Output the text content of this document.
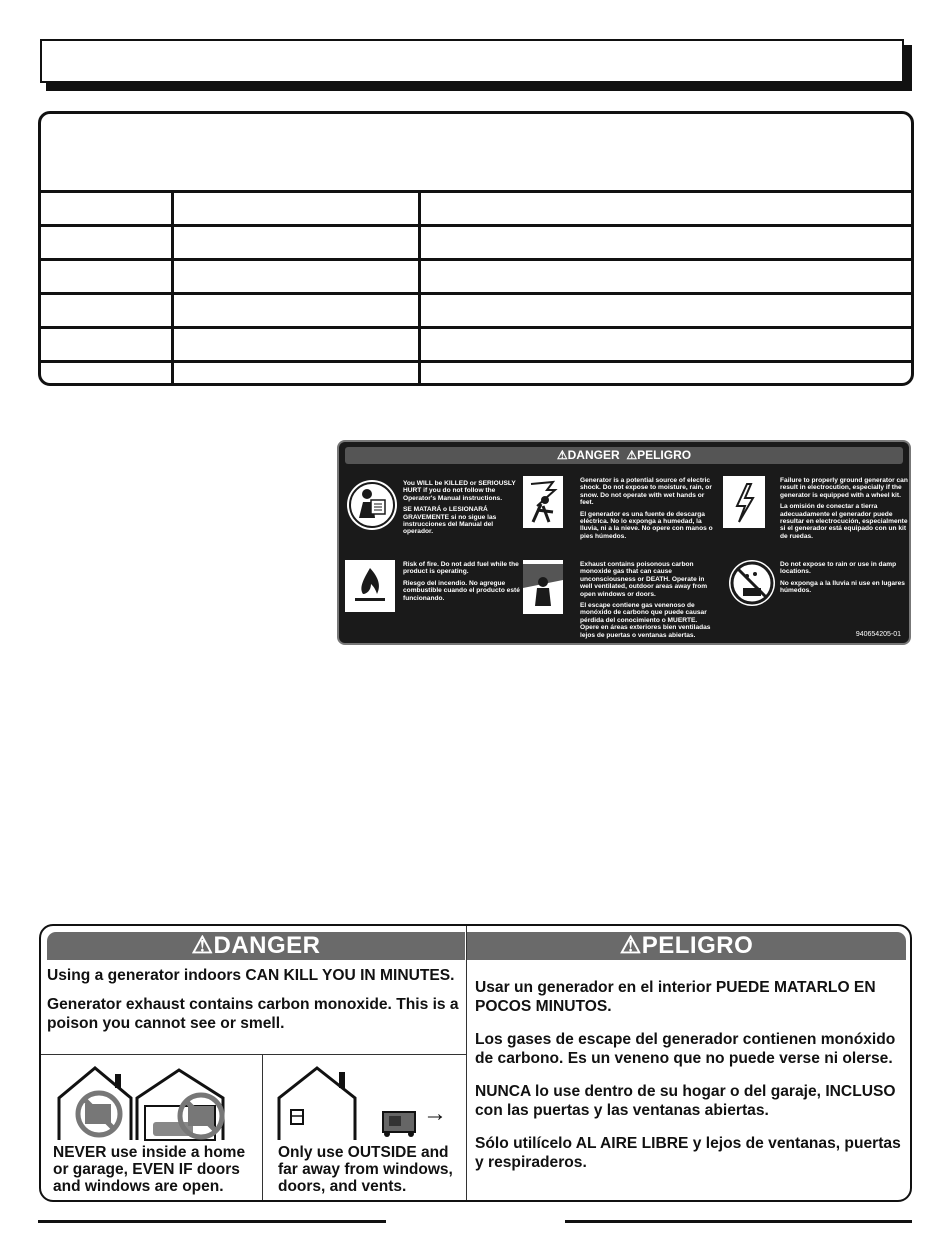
⚠DANGER ⚠PELIGRO

You WILL be KILLED or SERIOUSLY HURT if you do not follow the Operator's Manual instructions.

SE MATARÁ o LESIONARÁ GRAVEMENTE si no sigue las instrucciones del Manual del operador.

Generator is a potential source of electric shock. Do not expose to moisture, rain, or snow. Do not operate with wet hands or feet.

El generador es una fuente de descarga eléctrica. No lo exponga a humedad, la lluvia, ni a la nieve. No opere con manos o pies húmedos.

Failure to properly ground generator can result in electrocution, especially if the generator is equipped with a wheel kit.

La omisión de conectar a tierra adecuadamente el generador puede resultar en electrocución, especialmente si el generador está equipado con un kit de ruedas.

Risk of fire. Do not add fuel while the product is operating.

Riesgo del incendio. No agregue combustible cuando el producto esté funcionando.

Exhaust contains poisonous carbon monoxide gas that can cause unconsciousness or DEATH. Operate in well ventilated, outdoor areas away from open windows or doors.

El escape contiene gas venenoso de monóxido de carbono que puede causar pérdida del conocimiento o MUERTE. Opere en áreas exteriores bien ventiladas lejos de puertas o ventanas abiertas.

Do not expose to rain or use in damp locations.

No exponga a la lluvia ni use en lugares húmedos.

940654205-01
⚠DANGER	⚠PELIGRO

Using a generator indoors CAN KILL YOU IN MINUTES.

Generator exhaust contains carbon monoxide. This is a poison you cannot see or smell.

Usar un generador en el interior PUEDE MATARLO EN POCOS MINUTOS.

Los gases de escape del generador contienen monóxido de carbono. Es un veneno que no puede verse ni olerse.

NUNCA lo use dentro de su hogar o del garaje, INCLUSO con las puertas y las ventanas abiertas.

Sólo utilícelo AL AIRE LIBRE y lejos de ventanas, puertas y respiraderos.

NEVER use inside a home or garage, EVEN IF doors and windows are open.
→
Only use OUTSIDE and far away from windows, doors, and vents.
